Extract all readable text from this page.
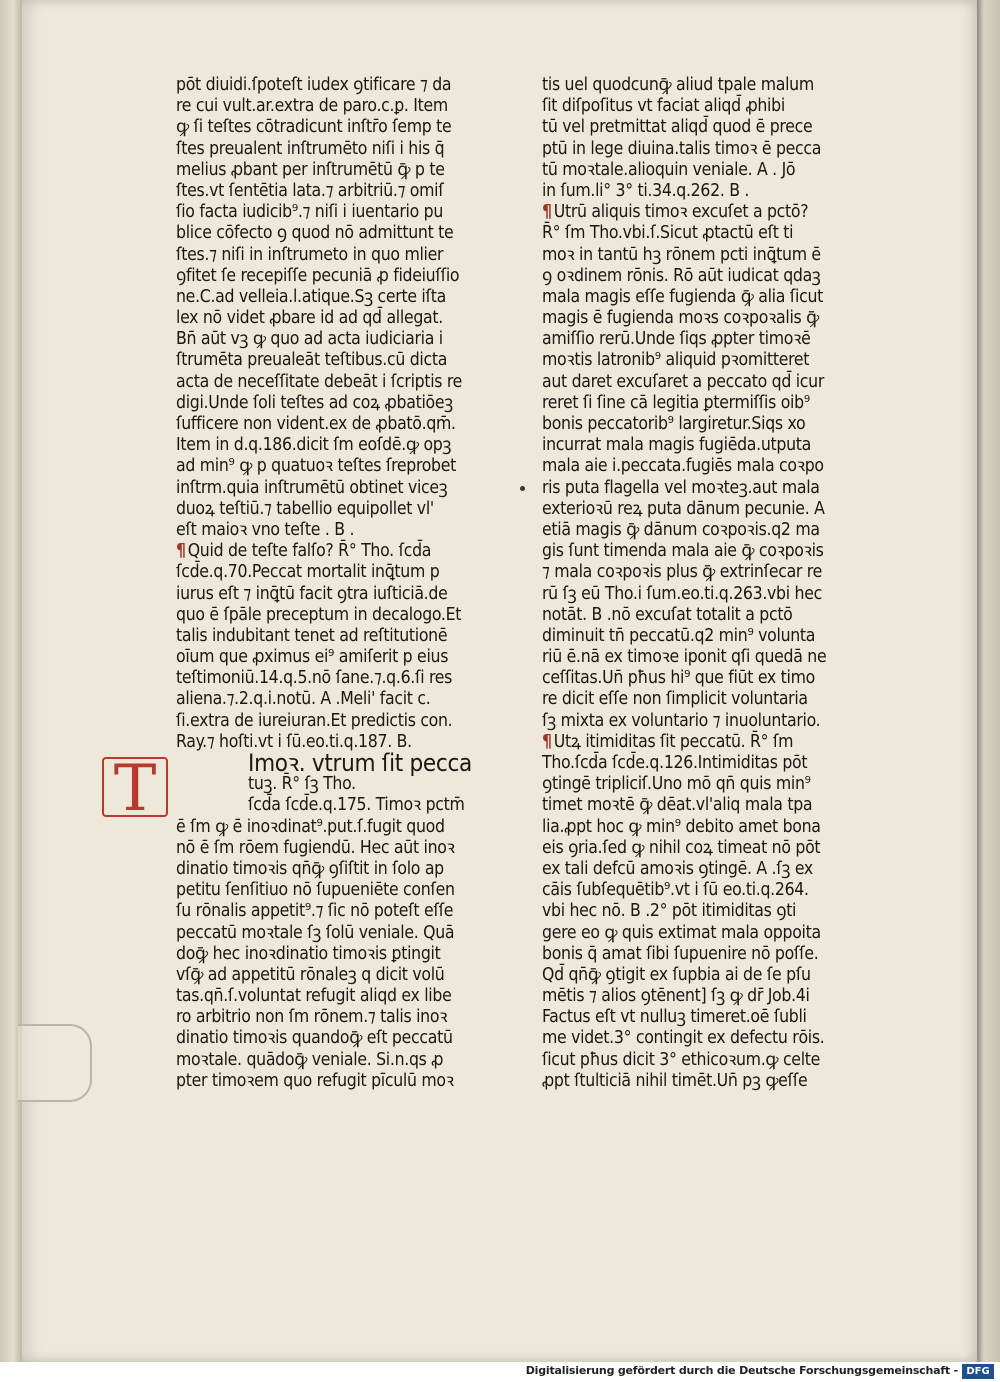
pōt diuidi.ſpoteſt iudex ꝯtificare ⁊ da
re cui vult.ar.extra de paro.c.ꝑ. Item
ꝙ ſi teſtes cōtradicunt inſtr̄o ſemp te
ſtes preualent inſtrumēto niſi i his q̄
melius ꝓbant per inſtrumētū ꝙ̄ p te
ſtes.vt ſentētia lata.⁊ arbitriū.⁊ omiſ
ſio facta iudicib⁹.⁊ niſi i iuentario pu
blice cōfecto ꝯ quod nō admittunt te
ſtes.⁊ niſi in inſtrumeto in quo mlier
ꝯfitet ſe recepiſſe pecuniā ꝓ fideiuſſio
ne.C.ad velleia.l.atique.Sꝫ certe iſta
lex nō videt ꝓbare id ad qd̄ allegat.
Bn̄ aūt vꝫ ꝙ quo ad acta iudiciaria i
ſtrumēta preualeāt teſtibus.cū dicta
acta de neceſſitate debeāt i ſcriptis re
digi.Unde ſoli teſtes ad coꝝ ꝓbatiōeꝫ
ſufficere non vident.ex de ꝓbatō.qm̄.
Item in d.q.186.dicit ſm eoſdē.ꝙ opꝫ
ad min⁹ ꝙ p quatuoꝛ teſtes ſreprobet
inſtrm.quia inſtrumētū obtinet viceꝫ
duoꝝ teſtiū.⁊ tabellio equipollet vl'
eſt maioꝛ vno teſte . B .
¶ Quid de teſte falſo? R̄° Tho. ſcd̄a
ſcd̄e.q.70.Peccat mortalit inꝗ̄tum p
iurus eſt ⁊ inꝗ̄tū facit ꝯtra iuſticiā.de
quo ē ſpāle preceptum in decalogo.Et
talis indubitant tenet ad reſtitutionē
oīum que ꝓximus ei⁹ amiſerit p eius
teſtimoniū.14.q.5.nō ſane.⁊.q.6.ſi res
aliena.⁊.2.q.i.notū. A .Meli' facit c.
ſi.extra de iureiuran.Et predictis con.
Ray.⁊ hoſti.vt i ſū.eo.ti.q.187. B.
Imoꝛ. vtrum ſit pecca
T	tuꝫ. R̄° ſꝫ Tho.
ſcd̄a ſcd̄e.q.175. Timoꝛ pctm̄
ē ſm ꝙ ē inoꝛdinat⁹.put.ſ.fugit quod
nō ē ſm rōem fugiendū. Hec aūt inoꝛ
dinatio timoꝛis qn̄ꝙ̄ ꝯſiſtit in ſolo ap
petitu ſenſitiuo nō ſupueniēte conſen
ſu rōnalis appetit⁹.⁊ ſic nō poteſt eſſe
peccatū moꝛtale ſꝫ ſolū veniale. Quā
doꝙ̄ hec inoꝛdinatio timoꝛis ꝑtingit
vſꝙ̄ ad appetitū rōnaleꝫ q dicit volū
tas.qn̄.ſ.voluntat refugit aliqd ex libe
ro arbitrio non ſm rōnem.⁊ talis inoꝛ
dinatio timoꝛis quandoꝙ̄ eſt peccatū
moꝛtale. quādoꝙ̄ veniale. Si.n.qs ꝓ
pter timoꝛem quo refugit pīculū moꝛ
tis uel quodcunꝙ̄ aliud tpale malum
ſit diſpoſitus vt faciat aliqd̄ ꝓhibi
tū vel pretmittat aliqd̄ quod ē prece
ptū in lege diuina.talis timoꝛ ē pecca
tū moꝛtale.alioquin veniale. A . Jō
in ſum.li° 3° ti.34.q.262. B .
¶ Utrū aliquis timoꝛ excuſet a pctō?
R̄° ſm Tho.vbi.ſ.Sicut ꝓtactū eſt ti
moꝛ in tantū hꝫ rōnem pcti inꝗ̄tum ē
ꝯ oꝛdinem rōnis. Rō aūt iudicat qdaꝫ
mala magis eſſe fugienda ꝙ̄ alia ſicut
magis ē fugienda moꝛs coꝛpoꝛalis ꝙ̄
amiſſio rerū.Unde ſiqs ꝓpter timoꝛē
moꝛtis latronib⁹ aliquid pꝛomitteret
aut daret excuſaret a peccato qd̄ icur
reret ſi ſine cā legitia ꝑtermiſſis oib⁹
bonis peccatorib⁹ largiretur.Siqs xo
incurrat mala magis fugiēda.utputa
mala aie i.peccata.fugiēs mala coꝛpo
ris puta flagella vel moꝛteꝫ.aut mala
exterioꝛū reꝝ puta dānum pecunie. A
etiā magis ꝙ̄ dānum coꝛpoꝛis.q2 ma
gis ſunt timenda mala aie ꝙ̄ coꝛpoꝛis
⁊ mala coꝛpoꝛis plus ꝙ̄ extrinſecar re
rū ſꝫ eū Tho.i ſum.eo.ti.q.263.vbi hec
notāt. B .nō excuſat totalit a pctō
diminuit tn̄ peccatū.q2 min⁹ volunta
riū ē.nā ex timoꝛe iponit qſi quedā ne
ceſſitas.Un̄ pħus hi⁹ que fiūt ex timo
re dicit eſſe non ſimplicit voluntaria
ſꝫ mixta ex voluntario ⁊ inuoluntario.
¶ Utꝝ itimiditas ſit peccatū. R̄° ſm
Tho.ſcd̄a ſcd̄e.q.126.Intimiditas pōt
ꝯtingē tripliciſ.Uno mō qn̄ quis min⁹
timet moꝛtē ꝙ̄ dēat.vl'aliq mala tpa
lia.ꝓpt hoc ꝙ min⁹ debito amet bona
eis ꝯria.ſed ꝙ nihil coꝝ timeat nō pōt
ex tali defcū amoꝛis ꝯtingē. A .ſꝫ ex
cāis ſubſequētib⁹.vt i ſū eo.ti.q.264.
vbi hec nō. B .2° pōt itimiditas ꝯti
gere eo ꝙ quis extimat mala oppoita
bonis q̄ amat ſibi ſupuenire nō poſſe.
Qd̄ qn̄ꝙ̄ ꝯtigit ex ſupbia ai de ſe pſu
mētis ⁊ alios ꝯtēnent] ſꝫ ꝙ dr̄ Job.4i
Factus eſt vt nulluꝫ timeret.oē ſubli
me videt.3° contingit ex defectu rōis.
ſicut pħus dicit 3° ethicoꝛum.ꝙ celte
ꝓpt ſtulticiā nihil timēt.Un̄ pꝫ ꝙeſſe
Digitalisierung gefördert durch die Deutsche Forschungsgemeinschaft - DFG
